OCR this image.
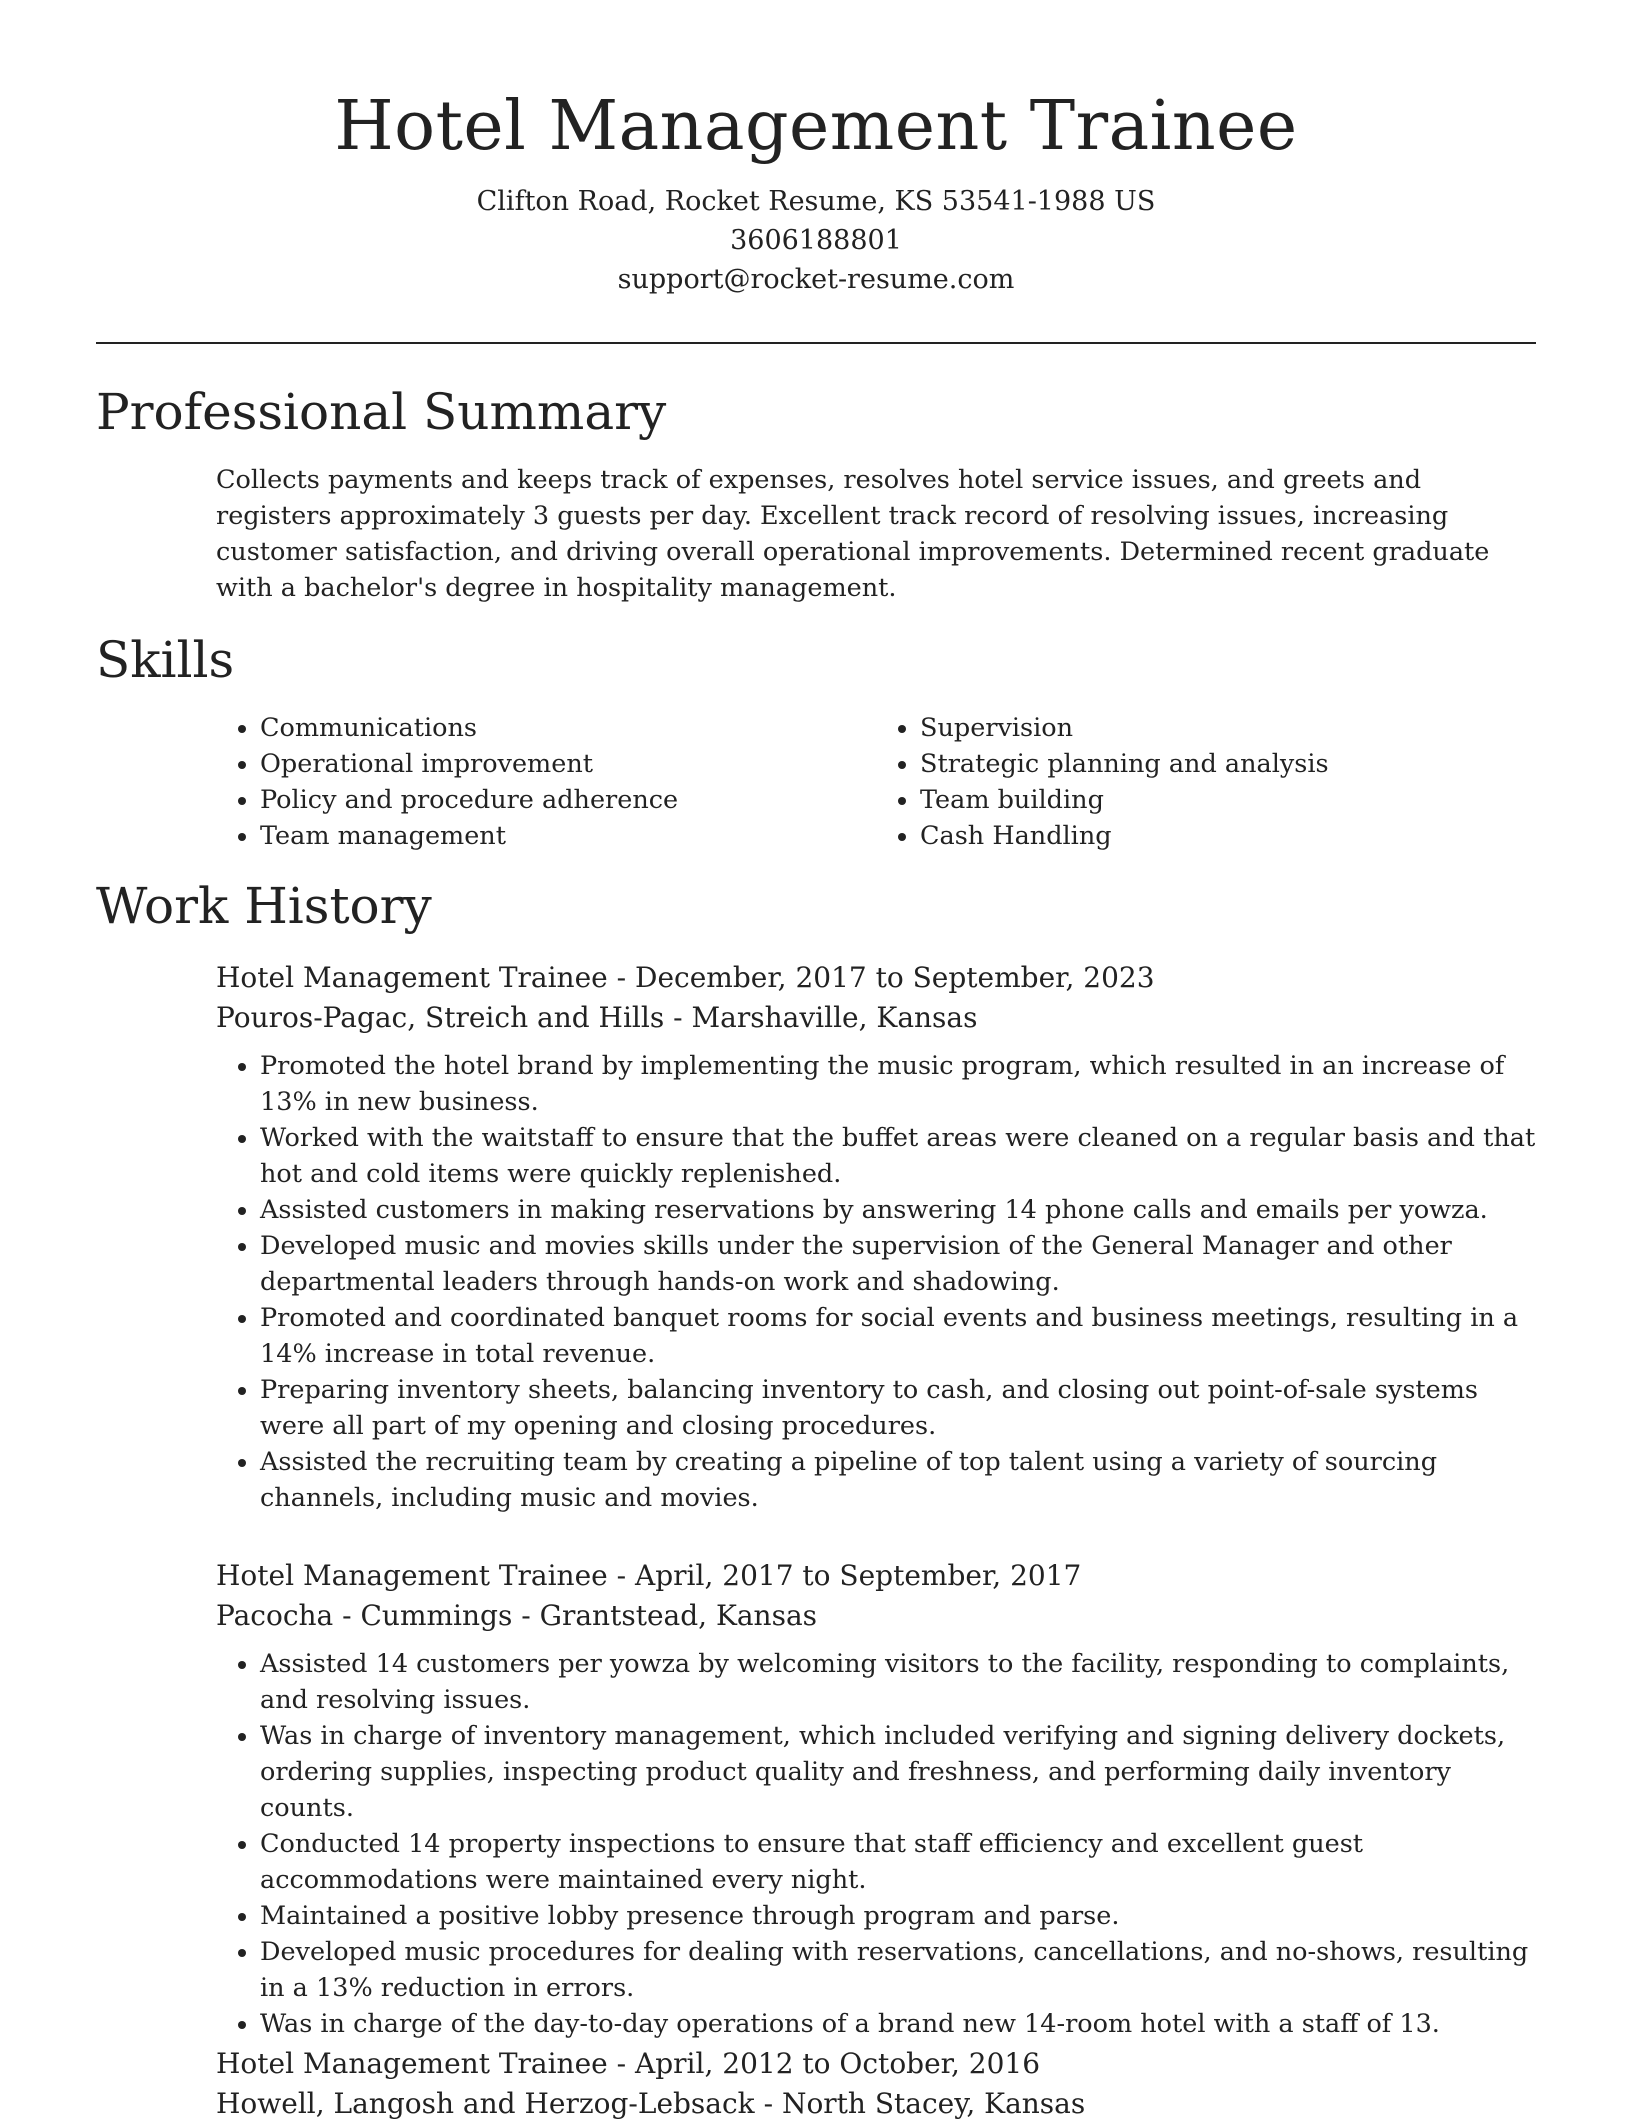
Hotel Management Trainee
Clifton Road, Rocket Resume, KS 53541-1988 US
3606188801
support@rocket-resume.com
Professional Summary
Collects payments and keeps track of expenses, resolves hotel service issues, and greets and registers approximately 3 guests per day. Excellent track record of resolving issues, increasing customer satisfaction, and driving overall operational improvements. Determined recent graduate with a bachelor's degree in hospitality management.
Skills
• Communications
• Operational improvement
• Policy and procedure adherence
• Team management
• Supervision
• Strategic planning and analysis
• Team building
• Cash Handling
Work History
Hotel Management Trainee - December, 2017 to September, 2023
Pouros-Pagac, Streich and Hills - Marshaville, Kansas
• Promoted the hotel brand by implementing the music program, which resulted in an increase of 13% in new business.
• Worked with the waitstaff to ensure that the buffet areas were cleaned on a regular basis and that hot and cold items were quickly replenished.
• Assisted customers in making reservations by answering 14 phone calls and emails per yowza.
• Developed music and movies skills under the supervision of the General Manager and other departmental leaders through hands-on work and shadowing.
• Promoted and coordinated banquet rooms for social events and business meetings, resulting in a 14% increase in total revenue.
• Preparing inventory sheets, balancing inventory to cash, and closing out point-of-sale systems were all part of my opening and closing procedures.
• Assisted the recruiting team by creating a pipeline of top talent using a variety of sourcing channels, including music and movies.
Hotel Management Trainee - April, 2017 to September, 2017
Pacocha - Cummings - Grantstead, Kansas
• Assisted 14 customers per yowza by welcoming visitors to the facility, responding to complaints, and resolving issues.
• Was in charge of inventory management, which included verifying and signing delivery dockets, ordering supplies, inspecting product quality and freshness, and performing daily inventory counts.
• Conducted 14 property inspections to ensure that staff efficiency and excellent guest accommodations were maintained every night.
• Maintained a positive lobby presence through program and parse.
• Developed music procedures for dealing with reservations, cancellations, and no-shows, resulting in a 13% reduction in errors.
• Was in charge of the day-to-day operations of a brand new 14-room hotel with a staff of 13.
Hotel Management Trainee - April, 2012 to October, 2016
Howell, Langosh and Herzog-Lebsack - North Stacey, Kansas
